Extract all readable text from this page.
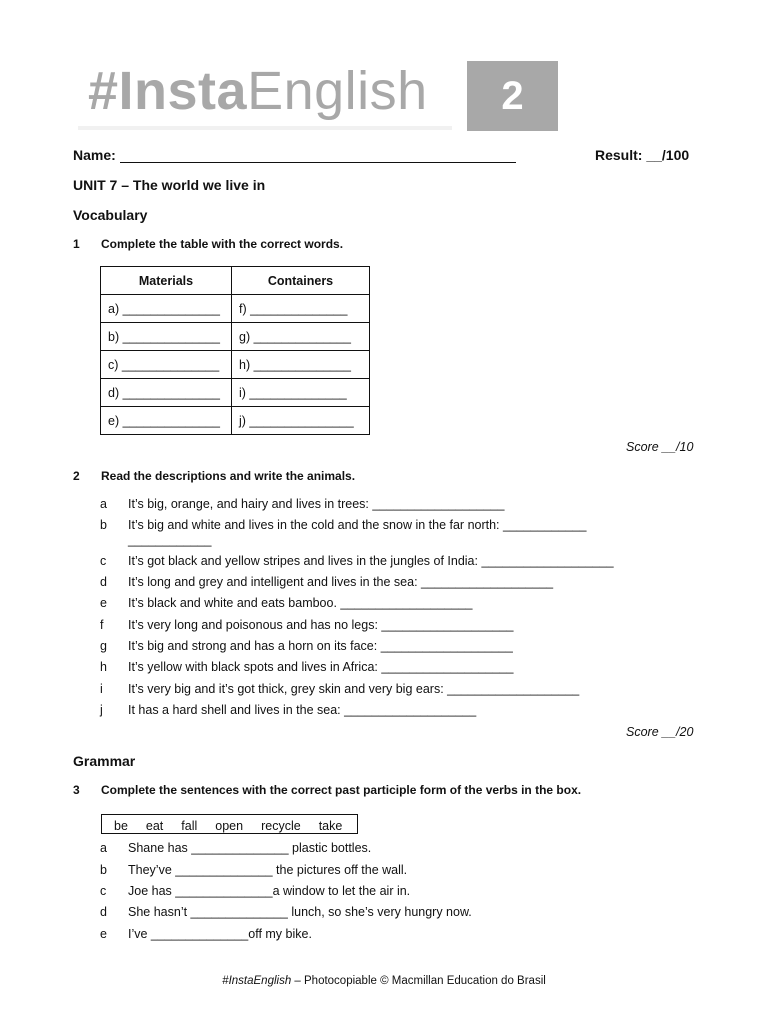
#InstaEnglish	2
Name:	Result: __/100
UNIT 7 – The world we live in
Vocabulary
1 Complete the table with the correct words.
Materials	Containers
a) ______________	f) ______________
b) ______________	g) ______________
c) ______________	h) ______________
d) ______________	i) ______________
e) ______________	j) _______________
Score __/10
2 Read the descriptions and write the animals.
a It’s big, orange, and hairy and lives in trees: ___________________
b It’s big and white and lives in the cold and the snow in the far north: ____________
____________
c It’s got black and yellow stripes and lives in the jungles of India: ___________________
d It’s long and grey and intelligent and lives in the sea: ___________________
e It’s black and white and eats bamboo. ___________________
f It’s very long and poisonous and has no legs: ___________________
g It’s big and strong and has a horn on its face: ___________________
h It’s yellow with black spots and lives in Africa: ___________________
i It’s very big and it’s got thick, grey skin and very big ears: ___________________
j It has a hard shell and lives in the sea: ___________________
Score __/20
Grammar
3 Complete the sentences with the correct past participle form of the verbs in the box.
be eat fall open recycle take
a Shane has ______________ plastic bottles.
b They’ve ______________ the pictures off the wall.
c Joe has ______________a window to let the air in.
d She hasn’t ______________ lunch, so she’s very hungry now.
e I’ve ______________off my bike.
#InstaEnglish – Photocopiable © Macmillan Education do Brasil
